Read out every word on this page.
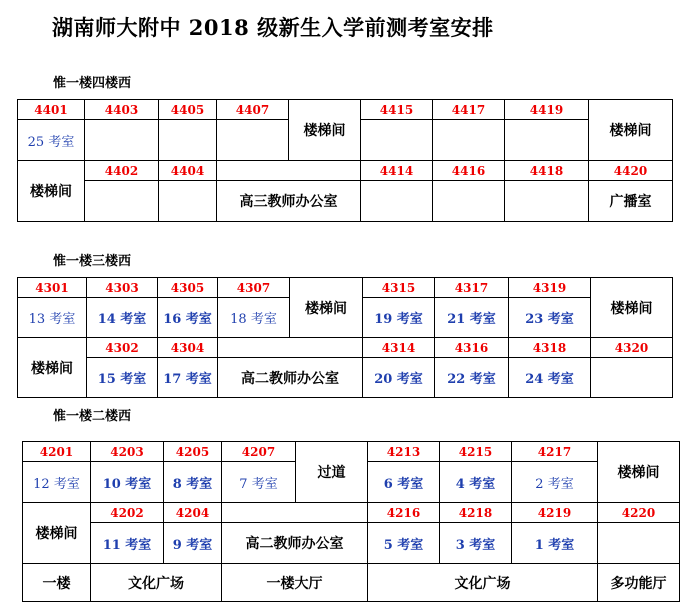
湖南师大附中 2018 级新生入学前测考室安排
惟一楼四楼西
4401	4403	4405	4407	楼梯间	4415	4417	4419	楼梯间
25 考室								
楼梯间	4402	4404			4414	4416	4418	4420
			高三教师办公室					广播室
惟一楼三楼西
4301	4303	4305	4307	楼梯间	4315	4317	4319	楼梯间
13 考室	14 考室	16 考室	18 考室		19 考室	21 考室	23 考室	
楼梯间	4302	4304			4314	4316	4318	4320
	15 考室	17 考室	高二教师办公室		20 考室	22 考室	24 考室	
惟一楼二楼西
4201	4203	4205	4207	过道	4213	4215	4217	楼梯间
12 考室	10 考室	8 考室	7 考室		6 考室	4 考室	2 考室	
楼梯间	4202	4204			4216	4218	4219	4220
	11 考室	9 考室	高二教师办公室		5 考室	3 考室	1 考室	
一楼	文化广场		一楼大厅		文化广场			多功能厅
